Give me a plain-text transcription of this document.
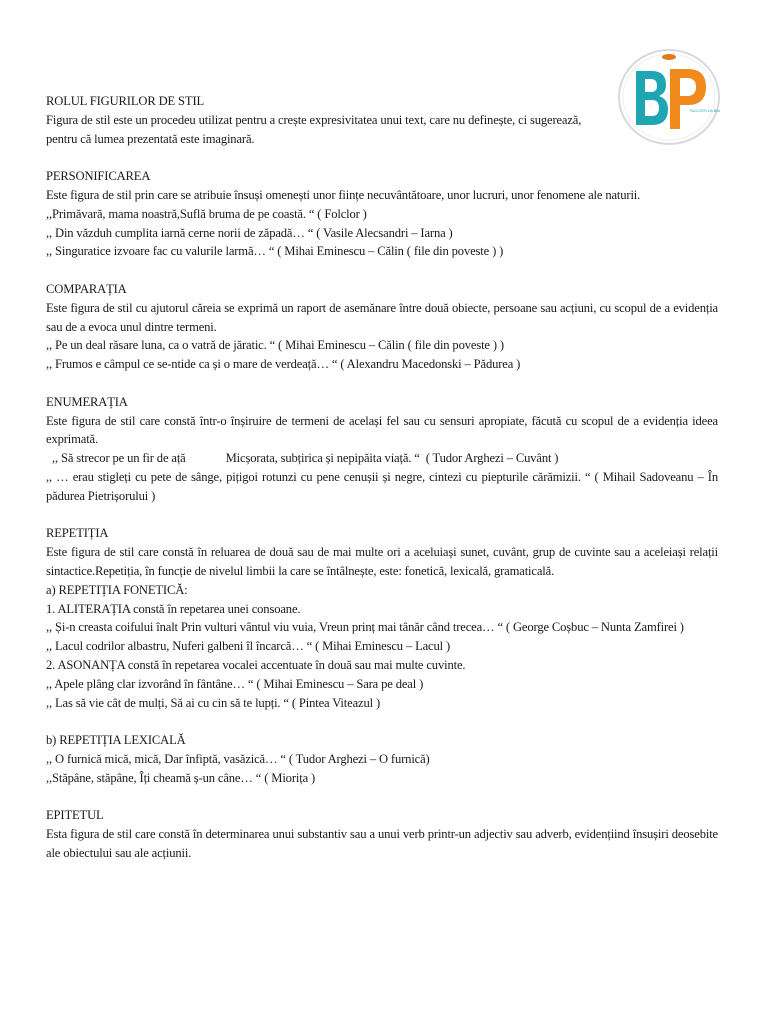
SUCCES LA BAC

ROLUL FIGURILOR DE STIL

Figura de stil este un procedeu utilizat pentru a crește expresivitatea unui text, care nu definește, ci sugerează, pentru că lumea prezentată este imaginară.

PERSONIFICAREA

Este figura de stil prin care se atribuie însuși omenești unor ființe necuvântătoare, unor lucruri, unor fenomene ale naturii.

,,Primăvară, mama noastră,Suflă bruma de pe coastă. “ ( Folclor )

,, Din văzduh cumplita iarnă cerne norii de zăpadă… “ ( Vasile Alecsandri – Iarna )

,, Singuratice izvoare fac cu valurile larmă… “ ( Mihai Eminescu – Călin ( file din poveste ) )

COMPARAȚIA

Este figura de stil cu ajutorul căreia se exprimă un raport de asemănare între două obiecte, persoane sau acțiuni, cu scopul de a evidenția sau de a evoca unul dintre termeni.

,, Pe un deal răsare luna, ca o vatră de jăratic. “ ( Mihai Eminescu – Călin ( file din poveste ) )

,, Frumos e câmpul ce se-ntide ca și o mare de verdeață… “ ( Alexandru Macedonski – Pădurea )

ENUMERAȚIA

Este figura de stil care constă într-o înșiruire de termeni de același fel sau cu sensuri apropiate, făcută cu scopul de a evidenția ideea exprimată.

,, Să strecor pe un fir de ață	Micșorata, subțirica și nepipăita viață. “  ( Tudor Arghezi – Cuvânt )

,, … erau stigleți cu pete de sânge, pițigoi rotunzi cu pene cenușii și negre, cintezi cu piepturile cărămizii. “ ( Mihail Sadoveanu – În pădurea Pietrișorului )

REPETIȚIA

Este figura de stil care constă în reluarea de două sau de mai multe ori a aceluiași sunet, cuvânt, grup de cuvinte sau a aceleiași relații sintactice.Repetiția, în funcție de nivelul limbii la care se întâlnește, este: fonetică, lexicală, gramaticală.

a) REPETIȚIA FONETICĂ:

1. ALITERAȚIA constă în repetarea unei consoane.

,, Și-n creasta coifului înalt Prin vulturi vântul viu vuia, Vreun prinț mai tânăr când trecea… “ ( George Coșbuc – Nunta Zamfirei )

,, Lacul codrilor albastru, Nuferi galbeni îl încarcă… “ ( Mihai Eminescu – Lacul )

2. ASONANȚA constă în repetarea vocalei accentuate în două sau mai multe cuvinte.

,, Apele plâng clar izvorând în fântâne… “ ( Mihai Eminescu – Sara pe deal )

,, Las să vie cât de mulți, Să ai cu cin să te lupți. “ ( Pintea Viteazul )

b) REPETIȚIA LEXICALĂ

,, O furnică mică, mică, Dar înfiptă, vasăzică… “ ( Tudor Arghezi – O furnică)

,,Stăpâne, stăpâne, Îți cheamă ș-un câne… “ ( Miorița )

EPITETUL

Esta figura de stil care constă în determinarea unui substantiv sau a unui verb printr-un adjectiv sau adverb, evidențiind însușiri deosebite ale obiectului sau ale acțiunii.
